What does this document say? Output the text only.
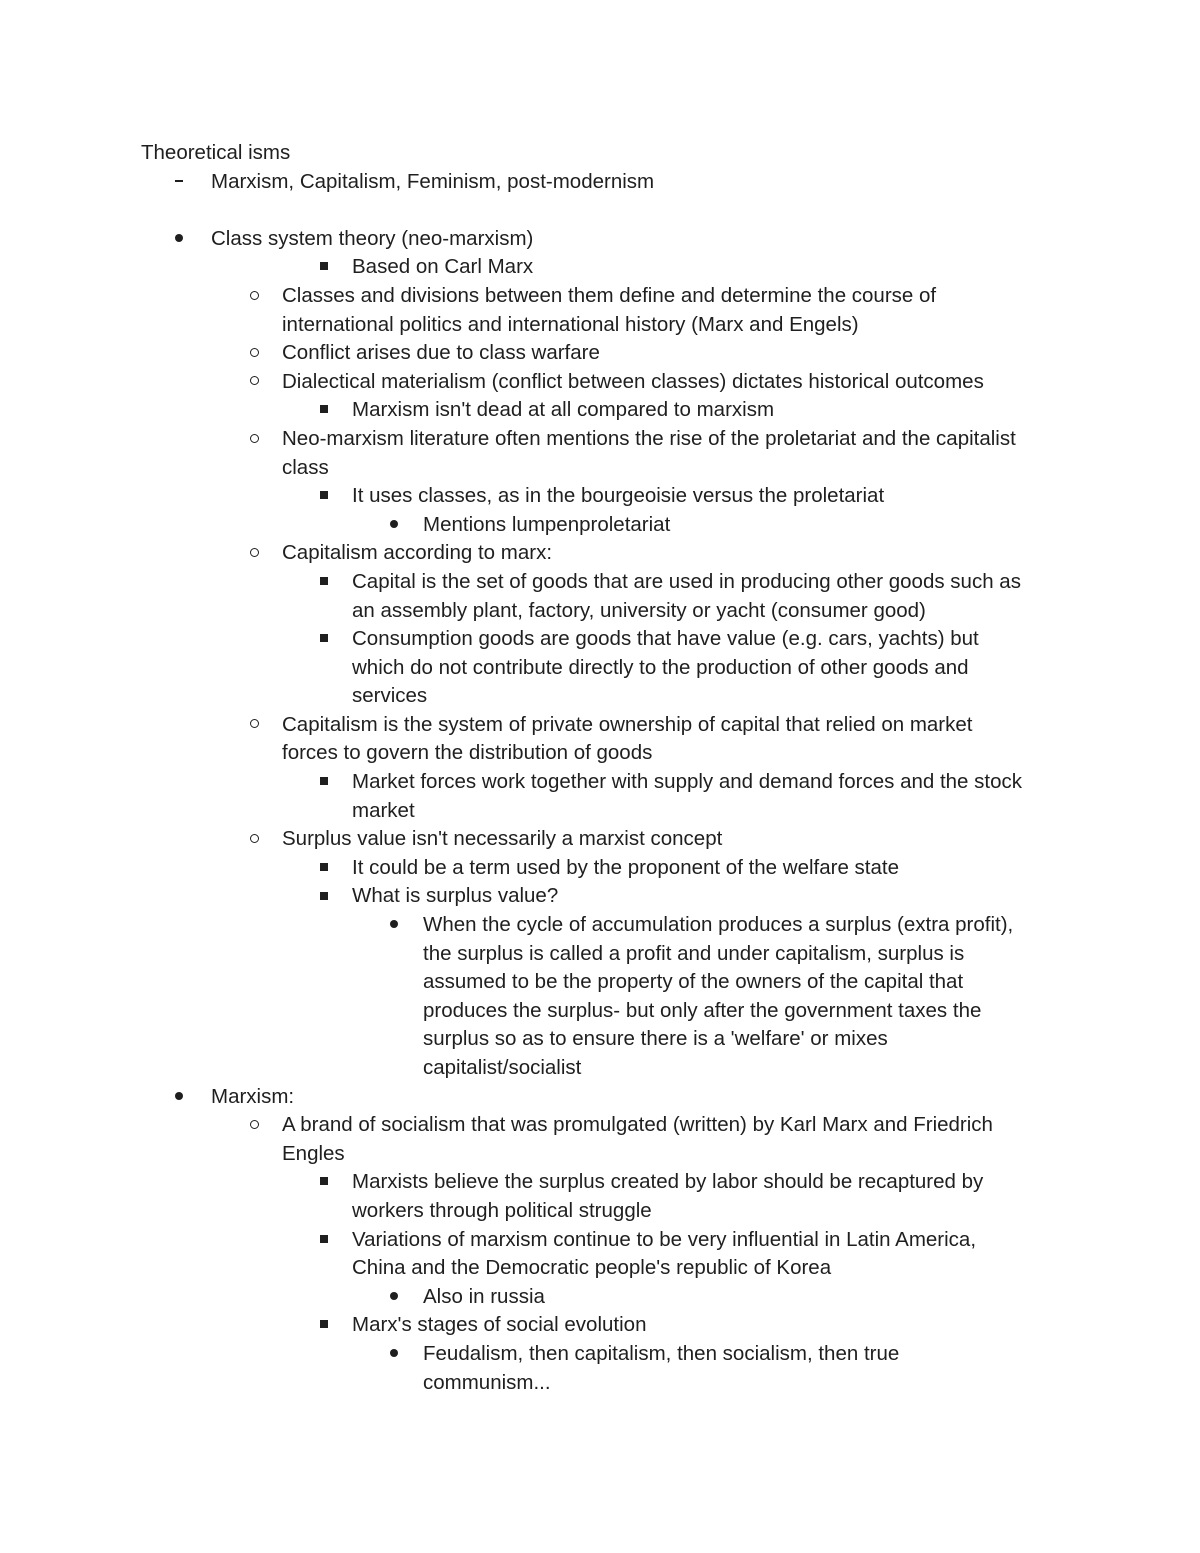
Theoretical isms
Marxism, Capitalism, Feminism, post-modernism
Class system theory (neo-marxism)
Based on Carl Marx
Classes and divisions between them define and determine the course of
international politics and international history (Marx and Engels)
Conflict arises due to class warfare
Dialectical materialism (conflict between classes) dictates historical outcomes
Marxism isn't dead at all compared to marxism
Neo-marxism literature often mentions the rise of the proletariat and the capitalist
class
It uses classes, as in the bourgeoisie versus the proletariat
Mentions lumpenproletariat
Capitalism according to marx:
Capital is the set of goods that are used in producing other goods such as
an assembly plant, factory, university or yacht (consumer good)
Consumption goods are goods that have value (e.g. cars, yachts) but
which do not contribute directly to the production of other goods and
services
Capitalism is the system of private ownership of capital that relied on market
forces to govern the distribution of goods
Market forces work together with supply and demand forces and the stock
market
Surplus value isn't necessarily a marxist concept
It could be a term used by the proponent of the welfare state
What is surplus value?
When the cycle of accumulation produces a surplus (extra profit),
the surplus is called a profit and under capitalism, surplus is
assumed to be the property of the owners of the capital that
produces the surplus- but only after the government taxes the
surplus so as to ensure there is a 'welfare' or mixes
capitalist/socialist
Marxism:
A brand of socialism that was promulgated (written) by Karl Marx and Friedrich
Engles
Marxists believe the surplus created by labor should be recaptured by
workers through political struggle
Variations of marxism continue to be very influential in Latin America,
China and the Democratic people's republic of Korea
Also in russia
Marx's stages of social evolution
Feudalism, then capitalism, then socialism, then true
communism...
